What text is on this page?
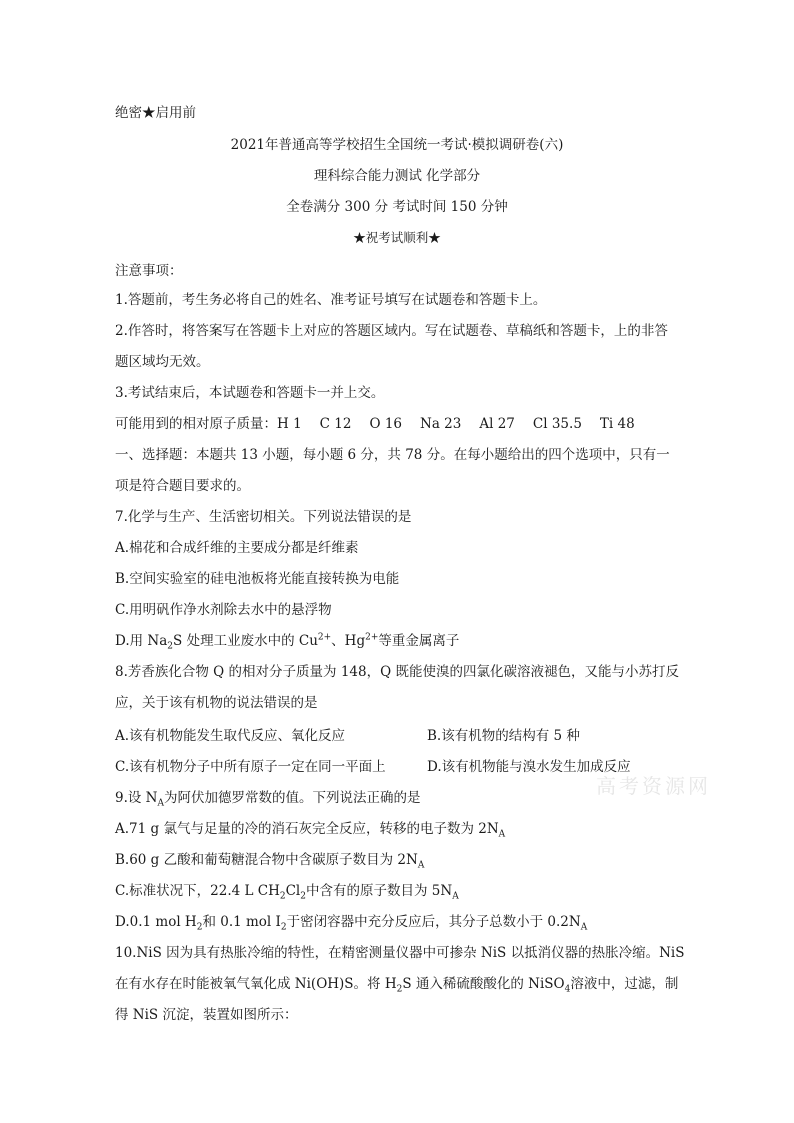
绝密★启用前
2021年普通高等学校招生全国统一考试·模拟调研卷(六)
理科综合能力测试 化学部分
全卷满分 300 分 考试时间 150 分钟
★祝考试顺利★
注意事项：
1.答题前，考生务必将自己的姓名、准考证号填写在试题卷和答题卡上。
2.作答时，将答案写在答题卡上对应的答题区域内。写在试题卷、草稿纸和答题卡，上的非答
题区域均无效。
3.考试结束后，本试题卷和答题卡一并上交。
可能用到的相对原子质量：H 1 C 12 O 16 Na 23 Al 27 Cl 35.5 Ti 48
一、选择题：本题共 13 小题，每小题 6 分，共 78 分。在每小题给出的四个选项中，只有一
项是符合题目要求的。
7.化学与生产、生活密切相关。下列说法错误的是
A.棉花和合成纤维的主要成分都是纤维素
B.空间实验室的硅电池板将光能直接转换为电能
C.用明矾作净水剂除去水中的悬浮物
D.用 $Na_2S$ 处理工业废水中的 $Cu^{2+}$、$Hg^{2+}$等重金属离子
8.芳香族化合物 Q 的相对分子质量为 148，Q 既能使溴的四氯化碳溶液褪色，又能与小苏打反
应，关于该有机物的说法错误的是
A.该有机物能发生取代反应、氧化反应	B.该有机物的结构有 5 种
C.该有机物分子中所有原子一定在同一平面上	D.该有机物能与溴水发生加成反应
高考资源网
9.设 $N_A$为阿伏加德罗常数的值。下列说法正确的是
A.71 g 氯气与足量的冷的消石灰完全反应，转移的电子数为 $2N_A$
B.60 g 乙酸和葡萄糖混合物中含碳原子数目为 $2N_A$
C.标准状况下，22.4 L $CH_2Cl_2$中含有的原子数目为 $5N_A$
D.0.1 mol $H_2$和 0.1 mol $I_2$于密闭容器中充分反应后，其分子总数小于 $0.2N_A$
10.NiS 因为具有热胀冷缩的特性，在精密测量仪器中可掺杂 NiS 以抵消仪器的热胀冷缩。NiS
在有水存在时能被氧气氧化成 Ni(OH)S。将 $H_2S$ 通入稀硫酸酸化的 NiSO$_4$溶液中，过滤，制
得 NiS 沉淀，装置如图所示：
